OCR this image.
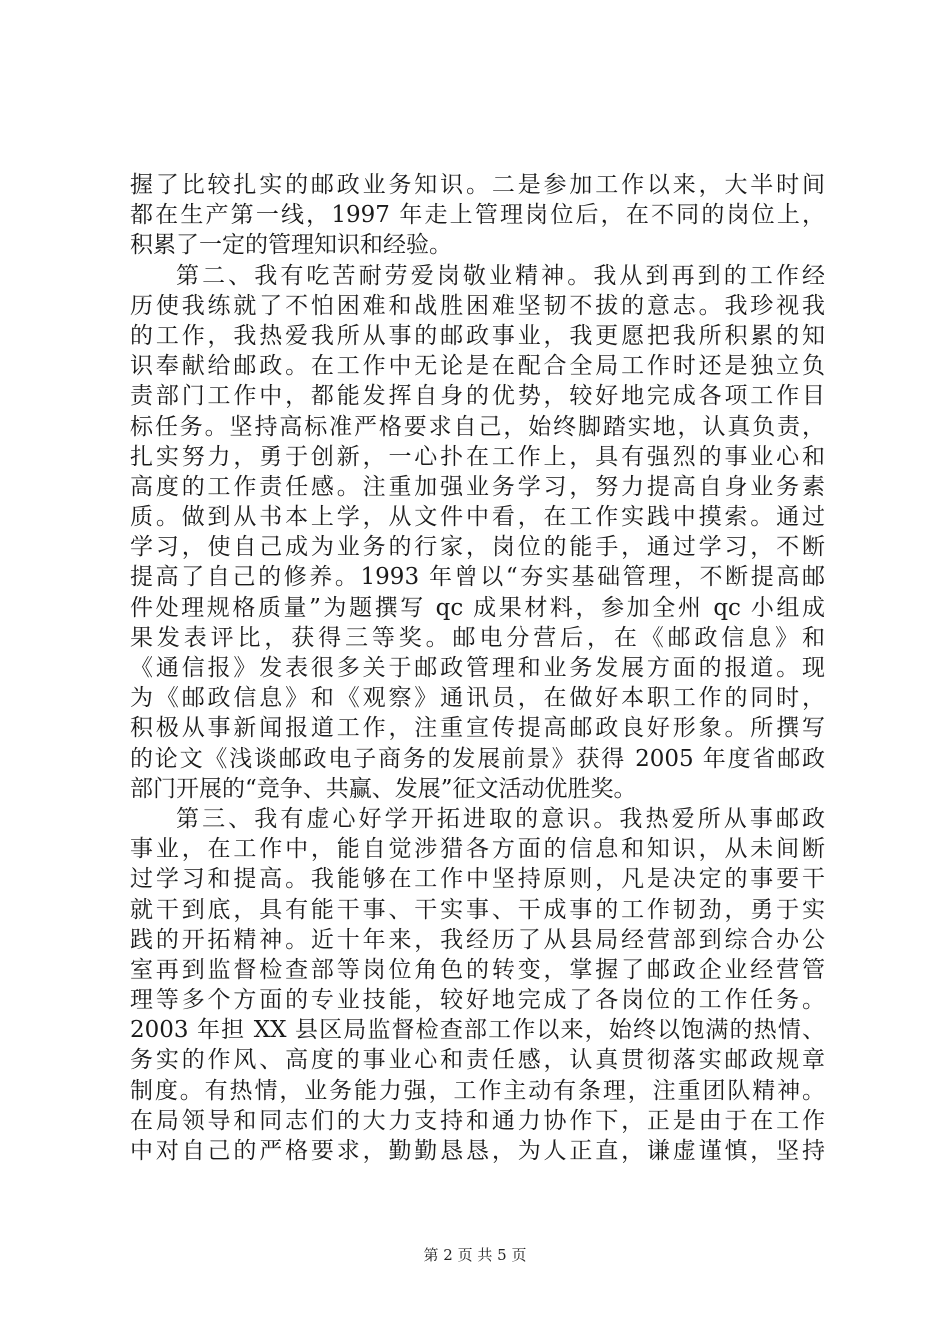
握了比较扎实的邮政业务知识。二是参加工作以来，大半时间
都在生产第一线，1997 年走上管理岗位后，在不同的岗位上，
积累了一定的管理知识和经验。
第二、我有吃苦耐劳爱岗敬业精神。我从到再到的工作经
历使我练就了不怕困难和战胜困难坚韧不拔的意志。我珍视我
的工作，我热爱我所从事的邮政事业，我更愿把我所积累的知
识奉献给邮政。在工作中无论是在配合全局工作时还是独立负
责部门工作中，都能发挥自身的优势，较好地完成各项工作目
标任务。坚持高标准严格要求自己，始终脚踏实地，认真负责，
扎实努力，勇于创新，一心扑在工作上，具有强烈的事业心和
高度的工作责任感。注重加强业务学习，努力提高自身业务素
质。做到从书本上学，从文件中看，在工作实践中摸索。通过
学习，使自己成为业务的行家，岗位的能手，通过学习，不断
提高了自己的修养。1993 年曾以“夯实基础管理，不断提高邮
件处理规格质量”为题撰写 qc 成果材料，参加全州 qc 小组成
果发表评比，获得三等奖。邮电分营后，在《邮政信息》和
《通信报》发表很多关于邮政管理和业务发展方面的报道。现
为《邮政信息》和《观察》通讯员，在做好本职工作的同时，
积极从事新闻报道工作，注重宣传提高邮政良好形象。所撰写
的论文《浅谈邮政电子商务的发展前景》获得 2005 年度省邮政
部门开展的“竞争、共赢、发展”征文活动优胜奖。
第三、我有虚心好学开拓进取的意识。我热爱所从事邮政
事业，在工作中，能自觉涉猎各方面的信息和知识，从未间断
过学习和提高。我能够在工作中坚持原则，凡是决定的事要干
就干到底，具有能干事、干实事、干成事的工作韧劲，勇于实
践的开拓精神。近十年来，我经历了从县局经营部到综合办公
室再到监督检查部等岗位角色的转变，掌握了邮政企业经营管
理等多个方面的专业技能，较好地完成了各岗位的工作任务。
2003 年担 XX 县区局监督检查部工作以来，始终以饱满的热情、
务实的作风、高度的事业心和责任感，认真贯彻落实邮政规章
制度。有热情，业务能力强，工作主动有条理，注重团队精神。
在局领导和同志们的大力支持和通力协作下，正是由于在工作
中对自己的严格要求，勤勤恳恳，为人正直，谦虚谨慎，坚持
第 2 页 共 5 页
